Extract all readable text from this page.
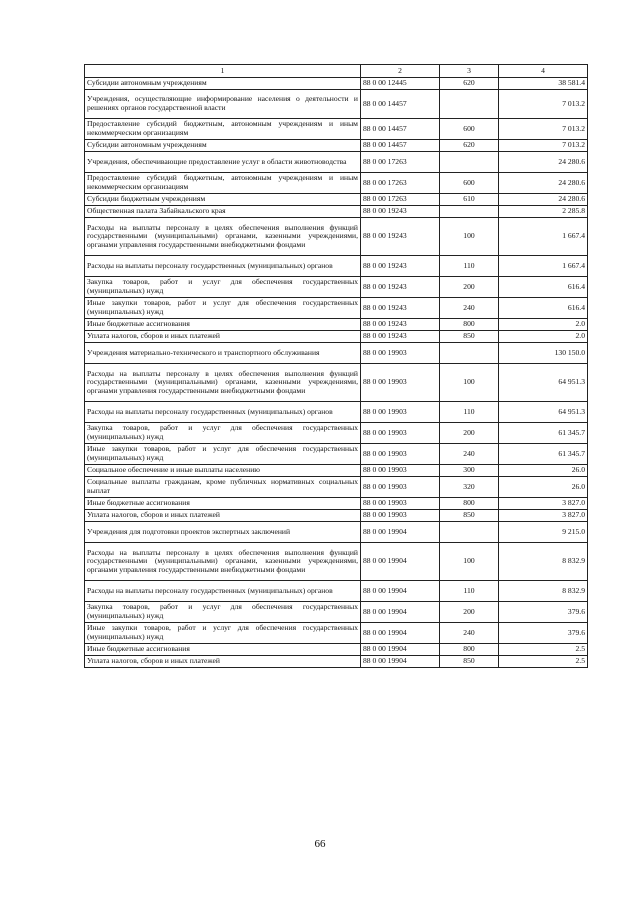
1	2	3	4
Субсидии автономным учреждениям	88 0 00 12445	620	38 581.4
Учреждения, осуществляющие информирование населения о деятельности и решениях органов государственной власти	88 0 00 14457		7 013.2
Предоставление субсидий бюджетным, автономным учреждениям и иным некоммерческим организациям	88 0 00 14457	600	7 013.2
Субсидии автономным учреждениям	88 0 00 14457	620	7 013.2
Учреждения, обеспечивающие предоставление услуг в области животноводства	88 0 00 17263		24 280.6
Предоставление субсидий бюджетным, автономным учреждениям и иным некоммерческим организациям	88 0 00 17263	600	24 280.6
Субсидии бюджетным учреждениям	88 0 00 17263	610	24 280.6
Общественная палата Забайкальского края	88 0 00 19243		2 285.8
Расходы на выплаты персоналу в целях обеспечения выполнения функций государственными (муниципальными) органами, казенными учреждениями, органами управления государственными внебюджетными фондами	88 0 00 19243	100	1 667.4
Расходы на выплаты персоналу государственных (муниципальных) органов	88 0 00 19243	110	1 667.4
Закупка товаров, работ и услуг для обеспечения государственных (муниципальных) нужд	88 0 00 19243	200	616.4
Иные закупки товаров, работ и услуг для обеспечения государственных (муниципальных) нужд	88 0 00 19243	240	616.4
Иные бюджетные ассигнования	88 0 00 19243	800	2.0
Уплата налогов, сборов и иных платежей	88 0 00 19243	850	2.0
Учреждения материально-технического и транспортного обслуживания	88 0 00 19903		130 150.0
Расходы на выплаты персоналу в целях обеспечения выполнения функций государственными (муниципальными) органами, казенными учреждениями, органами управления государственными внебюджетными фондами	88 0 00 19903	100	64 951.3
Расходы на выплаты персоналу государственных (муниципальных) органов	88 0 00 19903	110	64 951.3
Закупка товаров, работ и услуг для обеспечения государственных (муниципальных) нужд	88 0 00 19903	200	61 345.7
Иные закупки товаров, работ и услуг для обеспечения государственных (муниципальных) нужд	88 0 00 19903	240	61 345.7
Социальное обеспечение и иные выплаты населению	88 0 00 19903	300	26.0
Социальные выплаты гражданам, кроме публичных нормативных социальных выплат	88 0 00 19903	320	26.0
Иные бюджетные ассигнования	88 0 00 19903	800	3 827.0
Уплата налогов, сборов и иных платежей	88 0 00 19903	850	3 827.0
Учреждения для подготовки проектов экспертных заключений	88 0 00 19904		9 215.0
Расходы на выплаты персоналу в целях обеспечения выполнения функций государственными (муниципальными) органами, казенными учреждениями, органами управления государственными внебюджетными фондами	88 0 00 19904	100	8 832.9
Расходы на выплаты персоналу государственных (муниципальных) органов	88 0 00 19904	110	8 832.9
Закупка товаров, работ и услуг для обеспечения государственных (муниципальных) нужд	88 0 00 19904	200	379.6
Иные закупки товаров, работ и услуг для обеспечения государственных (муниципальных) нужд	88 0 00 19904	240	379.6
Иные бюджетные ассигнования	88 0 00 19904	800	2.5
Уплата налогов, сборов и иных платежей	88 0 00 19904	850	2.5
66
